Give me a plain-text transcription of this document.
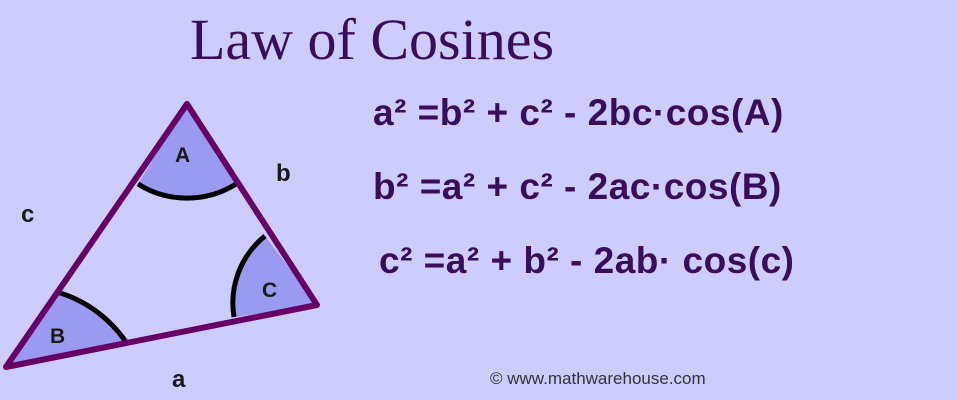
Law of Cosines
a² =b² + c² - 2bc·cos(A)
b² =a² + c² - 2ac·cos(B)
c² =a² + b² - 2ab· cos(c)
A
B
C
b
c
a	© www.mathwarehouse.com
